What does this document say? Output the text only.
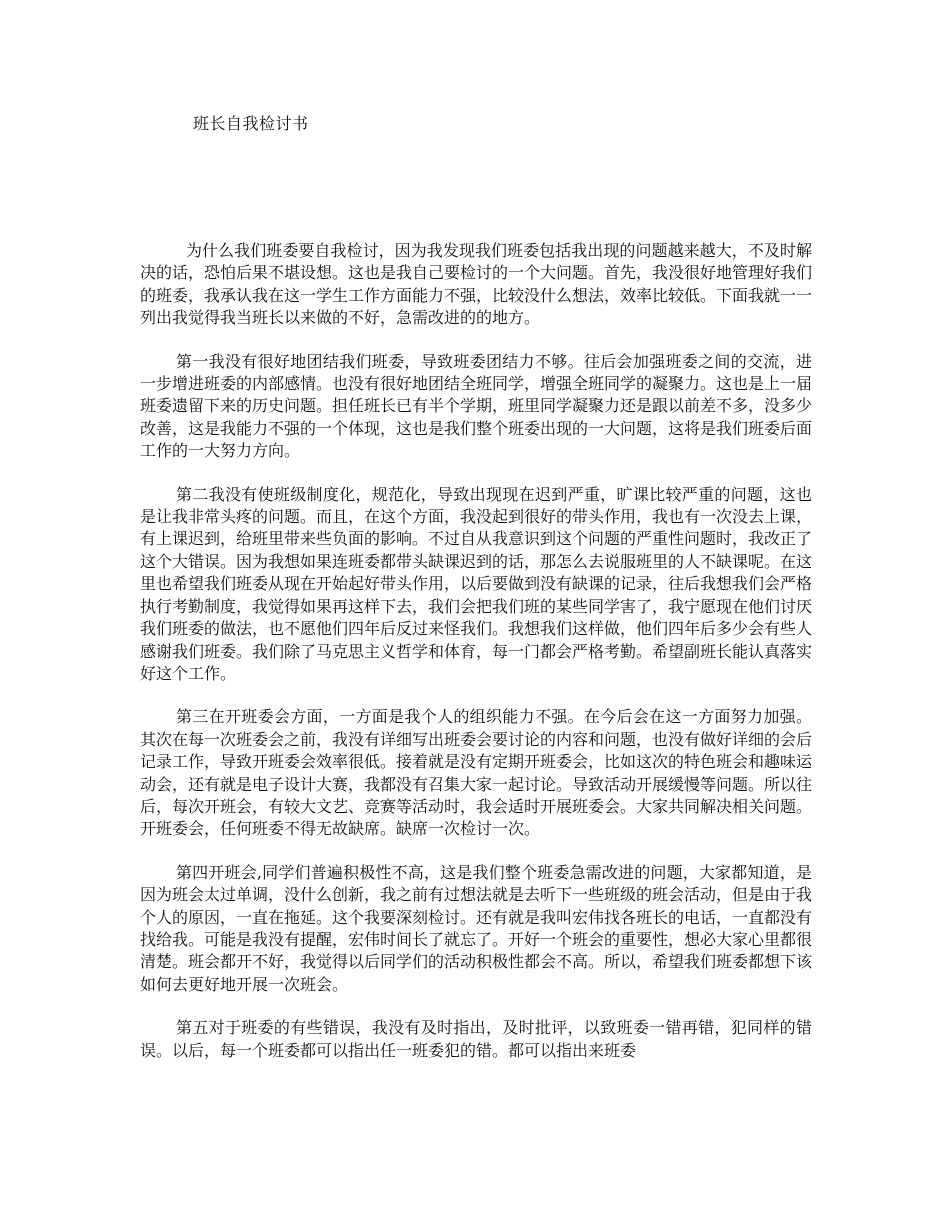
班长自我检讨书

为什么我们班委要自我检讨，因为我发现我们班委包括我出现的问题越来越大，不及时解决的话，恐怕后果不堪设想。这也是我自己要检讨的一个大问题。首先，我没很好地管理好我们的班委，我承认我在这一学生工作方面能力不强，比较没什么想法，效率比较低。下面我就一一列出我觉得我当班长以来做的不好，急需改进的的地方。

第一我没有很好地团结我们班委，导致班委团结力不够。往后会加强班委之间的交流，进一步增进班委的内部感情。也没有很好地团结全班同学，增强全班同学的凝聚力。这也是上一届班委遗留下来的历史问题。担任班长已有半个学期，班里同学凝聚力还是跟以前差不多，没多少改善，这是我能力不强的一个体现，这也是我们整个班委出现的一大问题，这将是我们班委后面工作的一大努力方向。

第二我没有使班级制度化，规范化，导致出现现在迟到严重，旷课比较严重的问题，这也是让我非常头疼的问题。而且，在这个方面，我没起到很好的带头作用，我也有一次没去上课，有上课迟到，给班里带来些负面的影响。不过自从我意识到这个问题的严重性问题时，我改正了这个大错误。因为我想如果连班委都带头缺课迟到的话，那怎么去说服班里的人不缺课呢。在这里也希望我们班委从现在开始起好带头作用，以后要做到没有缺课的记录，往后我想我们会严格执行考勤制度，我觉得如果再这样下去，我们会把我们班的某些同学害了，我宁愿现在他们讨厌我们班委的做法，也不愿他们四年后反过来怪我们。我想我们这样做，他们四年后多少会有些人感谢我们班委。我们除了马克思主义哲学和体育，每一门都会严格考勤。希望副班长能认真落实好这个工作。

第三在开班委会方面，一方面是我个人的组织能力不强。在今后会在这一方面努力加强。其次在每一次班委会之前，我没有详细写出班委会要讨论的内容和问题，也没有做好详细的会后记录工作，导致开班委会效率很低。接着就是没有定期开班委会，比如这次的特色班会和趣味运动会，还有就是电子设计大赛，我都没有召集大家一起讨论。导致活动开展缓慢等问题。所以往后，每次开班会，有较大文艺、竞赛等活动时，我会适时开展班委会。大家共同解决相关问题。开班委会，任何班委不得无故缺席。缺席一次检讨一次。

第四开班会,同学们普遍积极性不高，这是我们整个班委急需改进的问题，大家都知道，是因为班会太过单调，没什么创新，我之前有过想法就是去听下一些班级的班会活动，但是由于我个人的原因，一直在拖延。这个我要深刻检讨。还有就是我叫宏伟找各班长的电话，一直都没有找给我。可能是我没有提醒，宏伟时间长了就忘了。开好一个班会的重要性，想必大家心里都很清楚。班会都开不好，我觉得以后同学们的活动积极性都会不高。所以，希望我们班委都想下该如何去更好地开展一次班会。

第五对于班委的有些错误，我没有及时指出，及时批评，以致班委一错再错，犯同样的错误。以后，每一个班委都可以指出任一班委犯的错。都可以指出来班委
